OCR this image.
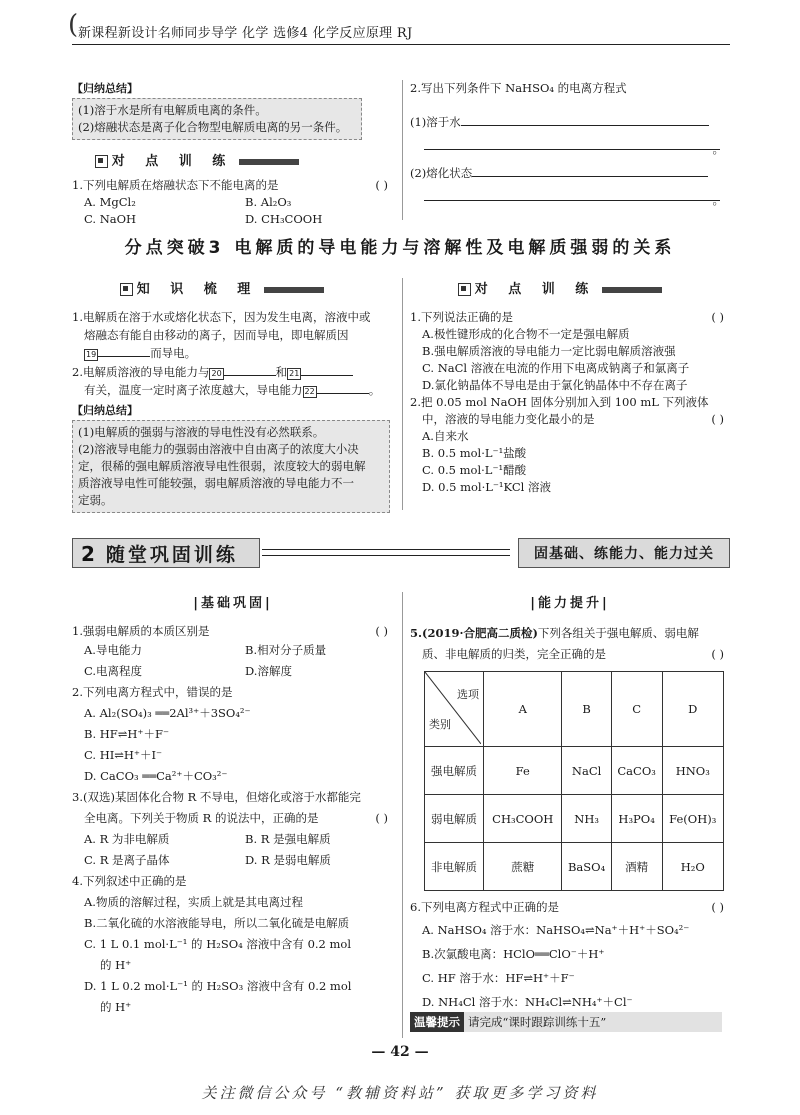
( 新课程新设计名师同步导学 化学 选修4 化学反应原理 RJ
【 归纳总结 】
(1)溶于水是所有电解质电离的条件。
(2)熔融状态是离子化合物型电解质电离的另一条件。
对 点 训 练
1.下列电解质在熔融状态下不能电离的是	( )
A. MgCl₂	B. Al₂O₃
C. NaOH	D. CH₃COOH
2.写出下列条件下 NaHSO₄ 的电离方程式
(1)溶于水
。
(2)熔化状态
。
分点突破3 电解质的导电能力与溶解性及电解质强弱的关系
知 识 梳 理
1.电解质在溶于水或熔化状态下，因为发生电离，溶液中或
熔融态有能自由移动的离子，因而导电，即电解质因
19	而导电。
2.电解质溶液的导电能力与 20	和 21
有关，温度一定时离子浓度越大，导电能力 22	。
【 归纳总结 】
(1)电解质的强弱与溶液的导电性没有必然联系。
(2)溶液导电能力的强弱由溶液中自由离子的浓度大小决
定，很稀的强电解质溶液导电性很弱，浓度较大的弱电解
质溶液导电性可能较强，弱电解质溶液的导电能力不一
定弱。
对 点 训 练
1.下列说法正确的是	( )
A.极性键形成的化合物不一定是强电解质
B.强电解质溶液的导电能力一定比弱电解质溶液强
C. NaCl 溶液在电流的作用下电离成钠离子和氯离子
D.氯化钠晶体不导电是由于氯化钠晶体中不存在离子
2.把 0.05 mol NaOH 固体分别加入到 100 mL 下列液体
中，溶液的导电能力变化最小的是	( )
A.自来水
B. 0.5 mol·L⁻¹盐酸
C. 0.5 mol·L⁻¹醋酸
D. 0.5 mol·L⁻¹KCl 溶液
2 随堂巩固训练	固基础、练能力、能力过关
|基础巩固|
1.强弱电解质的本质区别是	( )
A.导电能力	B.相对分子质量
C.电离程度	D.溶解度
2.下列电离方程式中，错误的是
A. Al₂(SO₄)₃ ══2Al³⁺＋3SO₄²⁻
B. HF⇌H⁺＋F⁻
C. HI⇌H⁺＋I⁻
D. CaCO₃ ══Ca²⁺＋CO₃²⁻
3.(双选)某固体化合物 R 不导电，但熔化或溶于水都能完
全电离。下列关于物质 R 的说法中，正确的是	( )
A. R 为非电解质	B. R 是强电解质
C. R 是离子晶体	D. R 是弱电解质
4.下列叙述中正确的是
A.物质的溶解过程，实质上就是其电离过程
B.二氧化硫的水溶液能导电，所以二氧化硫是电解质
C. 1 L 0.1 mol·L⁻¹ 的 H₂SO₄ 溶液中含有 0.2 mol
的 H⁺
D. 1 L 0.2 mol·L⁻¹ 的 H₂SO₃ 溶液中含有 0.2 mol
的 H⁺
|能力提升|
5.(2019·合肥高二质检)下列各组关于强电解质、弱电解
质、非电解质的归类，完全正确的是	( )
选项
类别	A	B	C	D
强电解质	Fe	NaCl	CaCO₃	HNO₃
弱电解质	CH₃COOH	NH₃	H₃PO₄	Fe(OH)₃
非电解质	蔗糖	BaSO₄	酒精	H₂O
6.下列电离方程式中正确的是	( )
A. NaHSO₄ 溶于水：NaHSO₄⇌Na⁺＋H⁺＋SO₄²⁻
B.次氯酸电离：HClO══ClO⁻＋H⁺
C. HF 溶于水：HF⇌H⁺＋F⁻
D. NH₄Cl 溶于水：NH₄Cl⇌NH₄⁺＋Cl⁻
温馨提示 请完成“课时跟踪训练十五”
— 42 —
关注微信公众号 “教辅资料站” 获取更多学习资料
